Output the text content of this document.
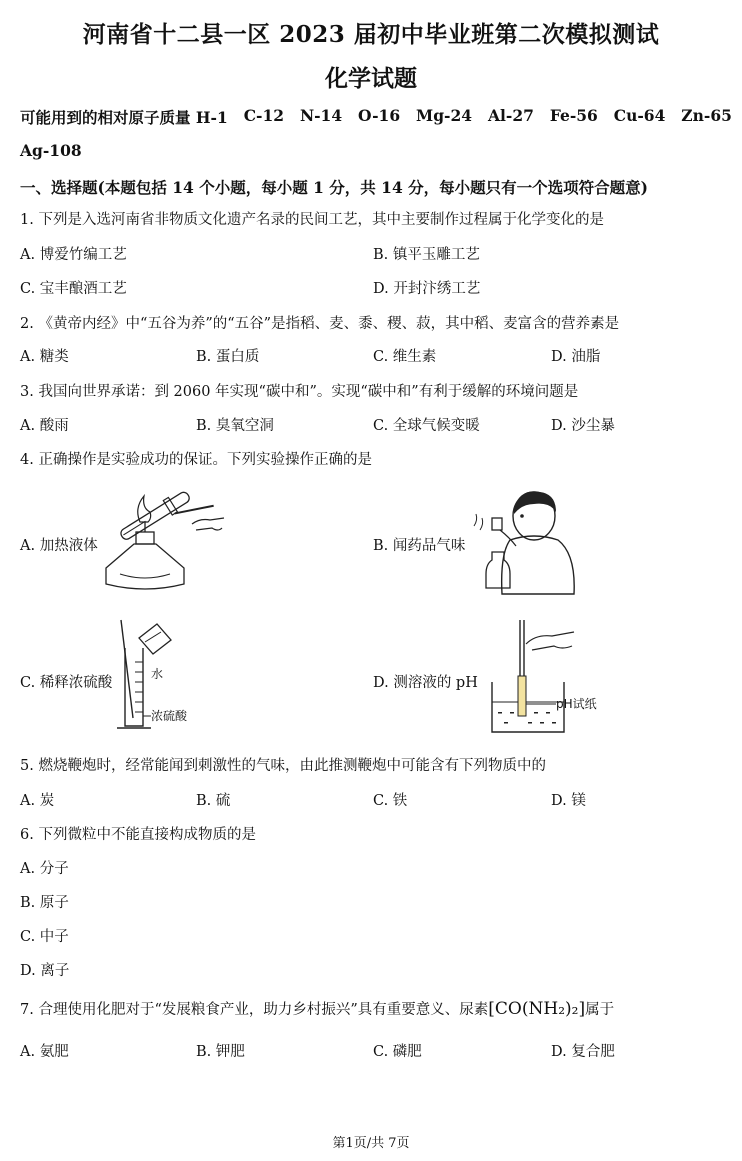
河南省十二县一区 2023 届初中毕业班第二次模拟测试
化学试题
可能用到的相对原子质量 H-1 C-12 N-14 O-16 Mg-24 Al-27 Fe-56 Cu-64 Zn-65
Ag-108
一、选择题(本题包括 14 个小题，每小题 1 分，共 14 分，每小题只有一个选项符合题意)
1. 下列是入选河南省非物质文化遗产名录的民间工艺，其中主要制作过程属于化学变化的是
A. 博爱竹编工艺	B. 镇平玉雕工艺
C. 宝丰酿酒工艺	D. 开封汴绣工艺
2. 《黄帝内经》中“五谷为养”的“五谷”是指稻、麦、黍、稷、菽，其中稻、麦富含的营养素是
A. 糖类	B. 蛋白质	C. 维生素	D. 油脂
3. 我国向世界承诺：到 2060 年实现“碳中和”。实现“碳中和”有利于缓解的环境问题是
A. 酸雨	B. 臭氧空洞	C. 全球气候变暖	D. 沙尘暴
4. 正确操作是实验成功的保证。下列实验操作正确的是
A. 加热液体	B. 闻药品气味
C. 稀释浓硫酸
水
浓硫酸
D. 测溶液的 pH
pH试纸
5. 燃烧鞭炮时，经常能闻到刺激性的气味，由此推测鞭炮中可能含有下列物质中的
A. 炭	B. 硫	C. 铁	D. 镁
6. 下列微粒中不能直接构成物质的是
A. 分子
B. 原子
C. 中子
D. 离子
7. 合理使用化肥对于“发展粮食产业，助力乡村振兴”具有重要意义、尿素[CO(NH₂)₂]属于
A. 氨肥	B. 钾肥	C. 磷肥	D. 复合肥
第1页/共 7页
